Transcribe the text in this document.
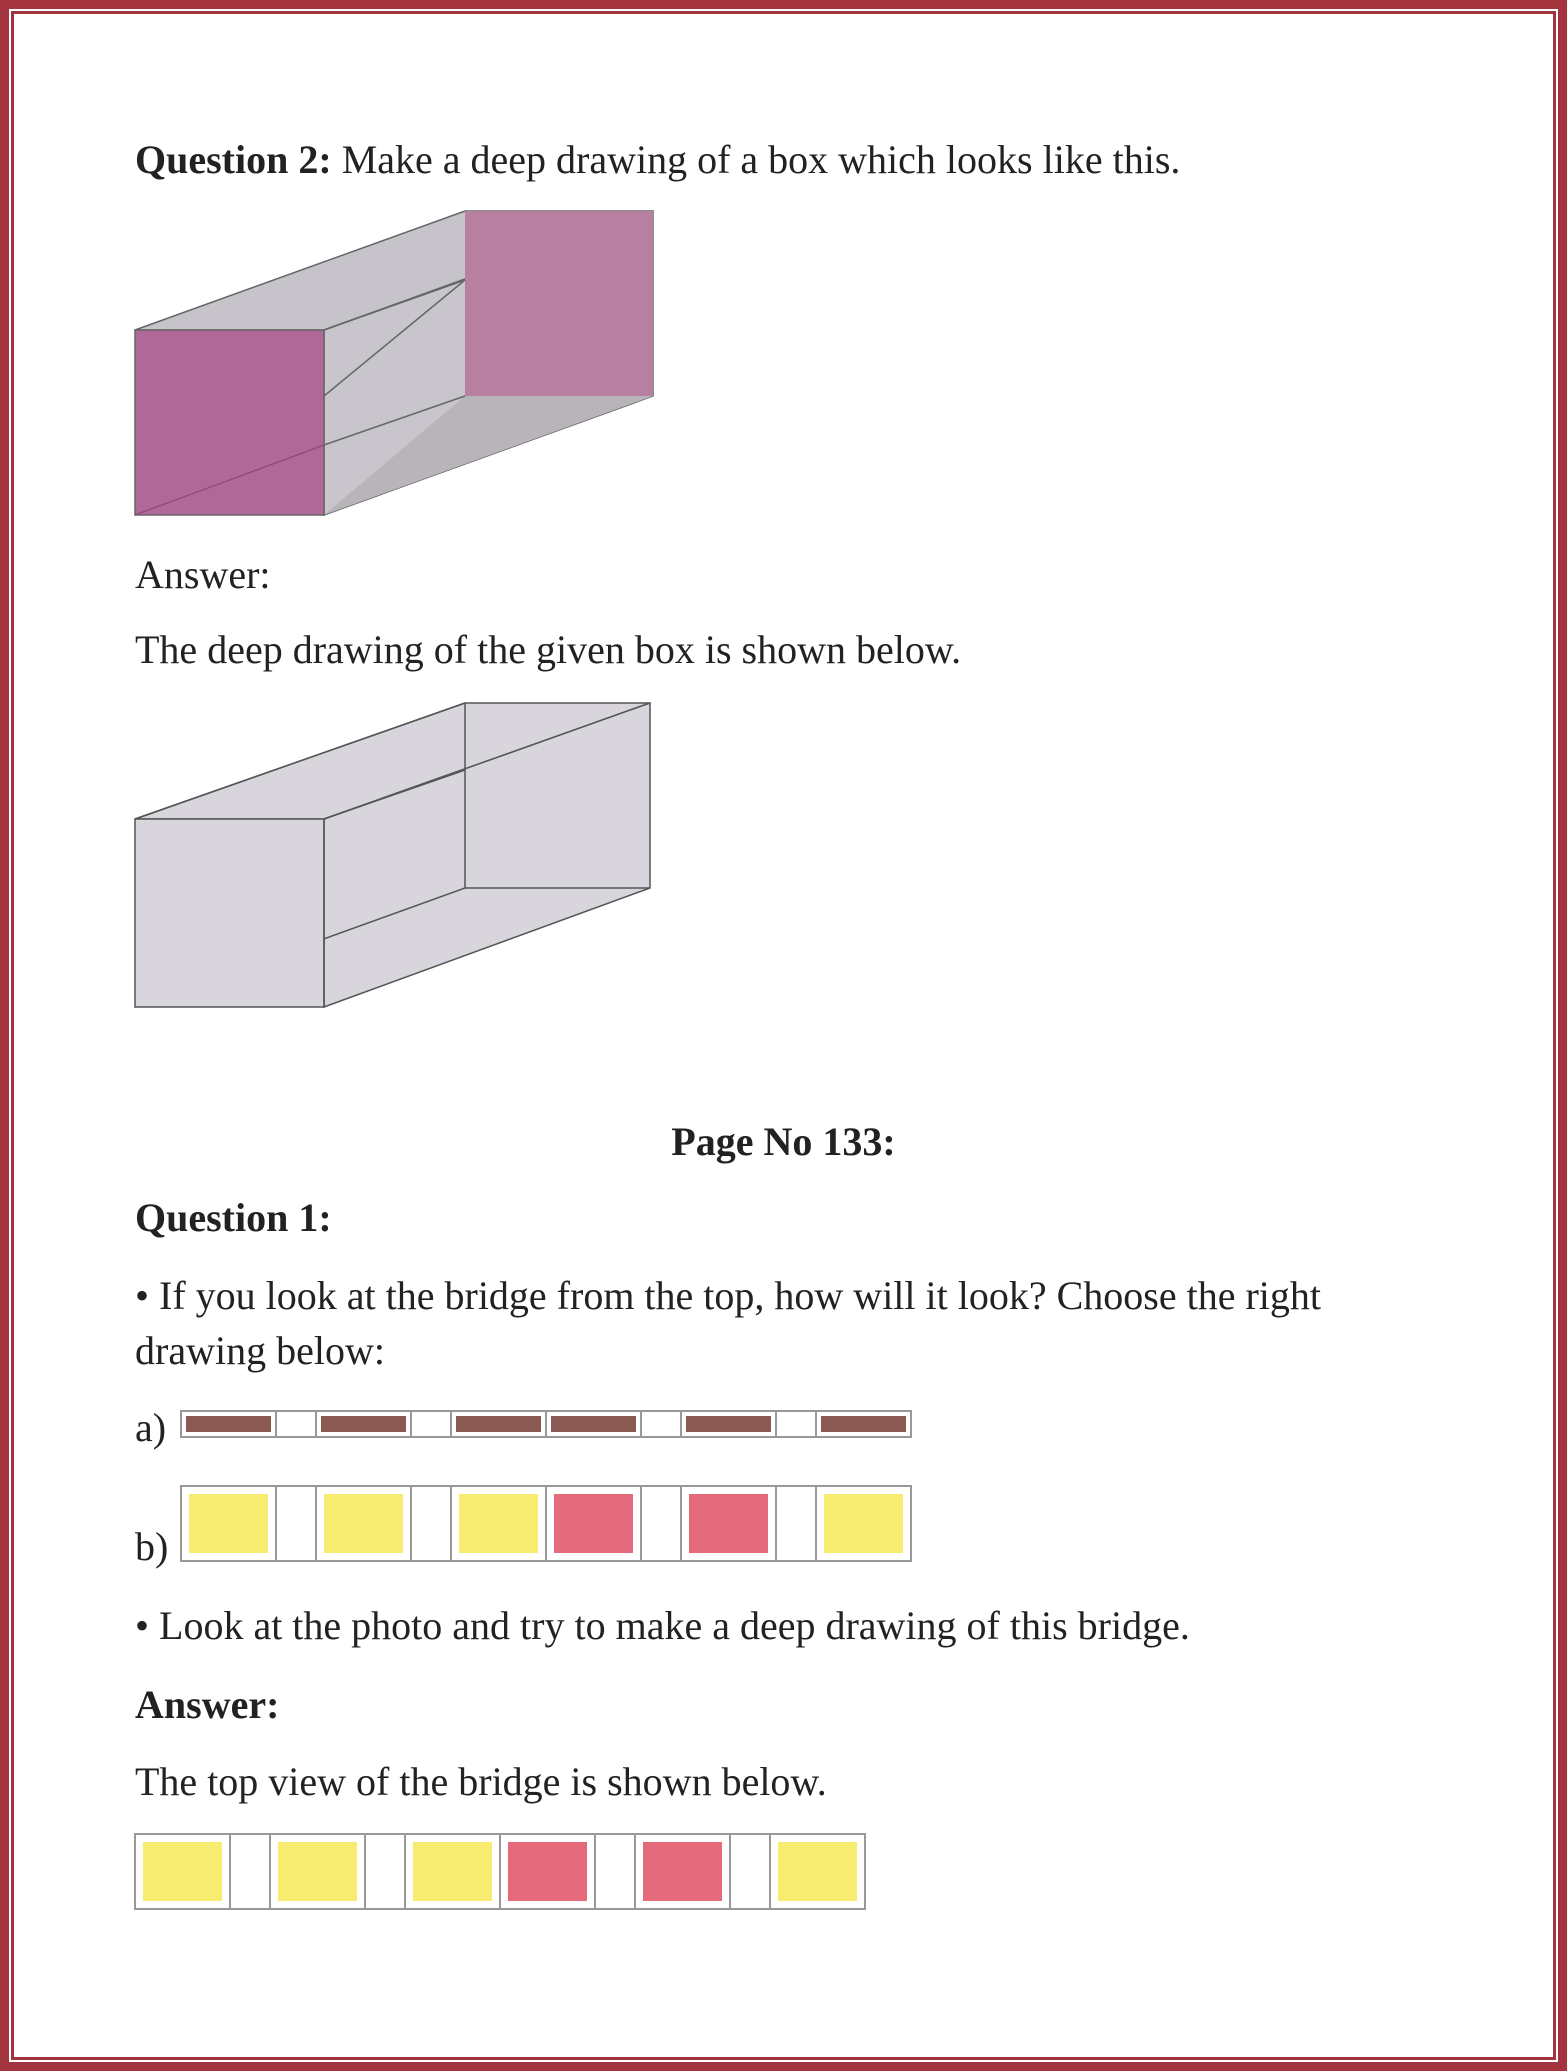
Question 2: Make a deep drawing of a box which looks like this.
Answer:
The deep drawing of the given box is shown below.
Page No 133:
Question 1:
• If you look at the bridge from the top, how will it look? Choose the right
drawing below:
a)
b)
• Look at the photo and try to make a deep drawing of this bridge.
Answer:
The top view of the bridge is shown below.
